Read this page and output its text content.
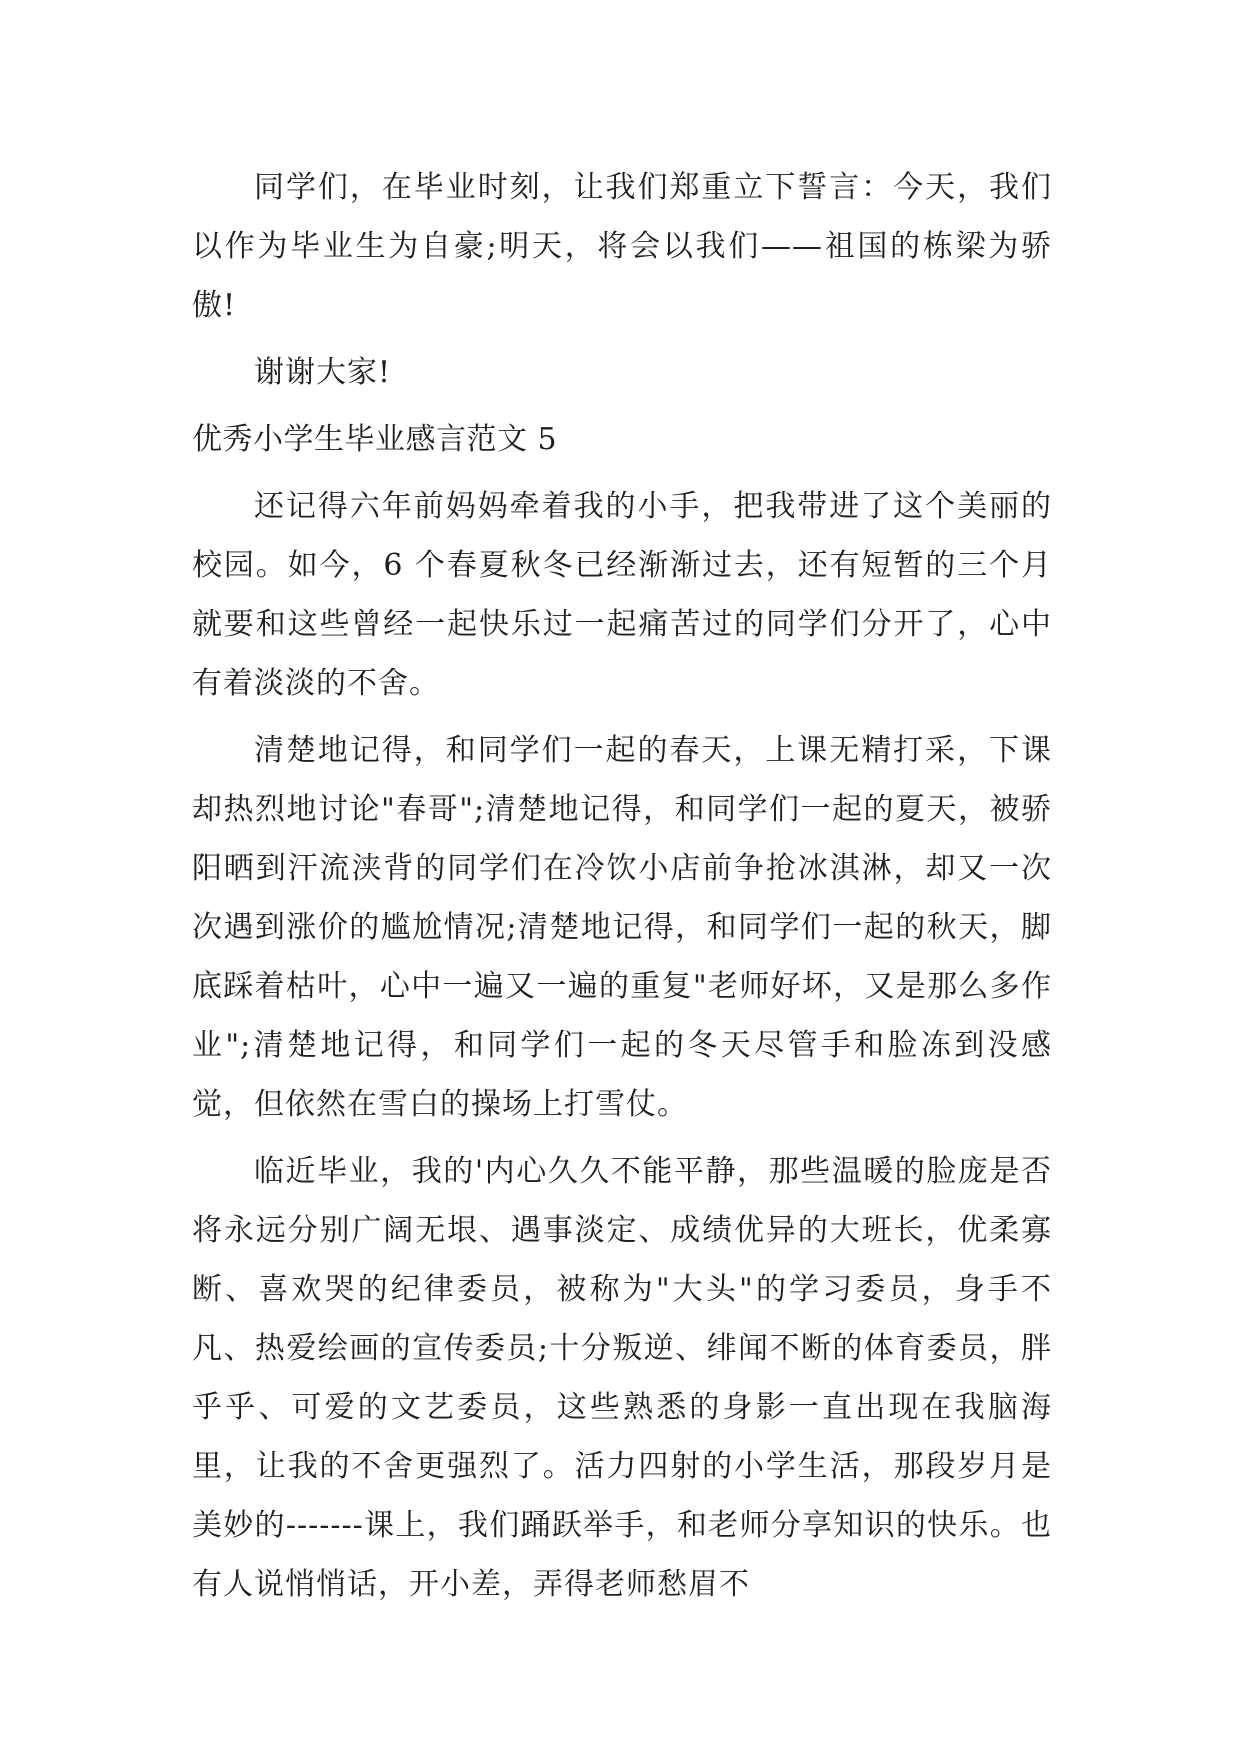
同学们，在毕业时刻，让我们郑重立下誓言：今天，我们以作为毕业生为自豪;明天，将会以我们——祖国的栋梁为骄傲!

谢谢大家!

优秀小学生毕业感言范文 5

还记得六年前妈妈牵着我的小手，把我带进了这个美丽的校园。如今，6 个春夏秋冬已经渐渐过去，还有短暂的三个月就要和这些曾经一起快乐过一起痛苦过的同学们分开了，心中有着淡淡的不舍。

清楚地记得，和同学们一起的春天，上课无精打采，下课却热烈地讨论"春哥";清楚地记得，和同学们一起的夏天，被骄阳晒到汗流浃背的同学们在冷饮小店前争抢冰淇淋，却又一次次遇到涨价的尴尬情况;清楚地记得，和同学们一起的秋天，脚底踩着枯叶，心中一遍又一遍的重复"老师好坏，又是那么多作业";清楚地记得，和同学们一起的冬天尽管手和脸冻到没感觉，但依然在雪白的操场上打雪仗。

临近毕业，我的'内心久久不能平静，那些温暖的脸庞是否将永远分别广阔无垠、遇事淡定、成绩优异的大班长，优柔寡断、喜欢哭的纪律委员，被称为"大头"的学习委员，身手不凡、热爱绘画的宣传委员;十分叛逆、绯闻不断的体育委员，胖乎乎、可爱的文艺委员，这些熟悉的身影一直出现在我脑海里，让我的不舍更强烈了。活力四射的小学生活，那段岁月是美妙的-------课上，我们踊跃举手，和老师分享知识的快乐。也有人说悄悄话，开小差，弄得老师愁眉不
